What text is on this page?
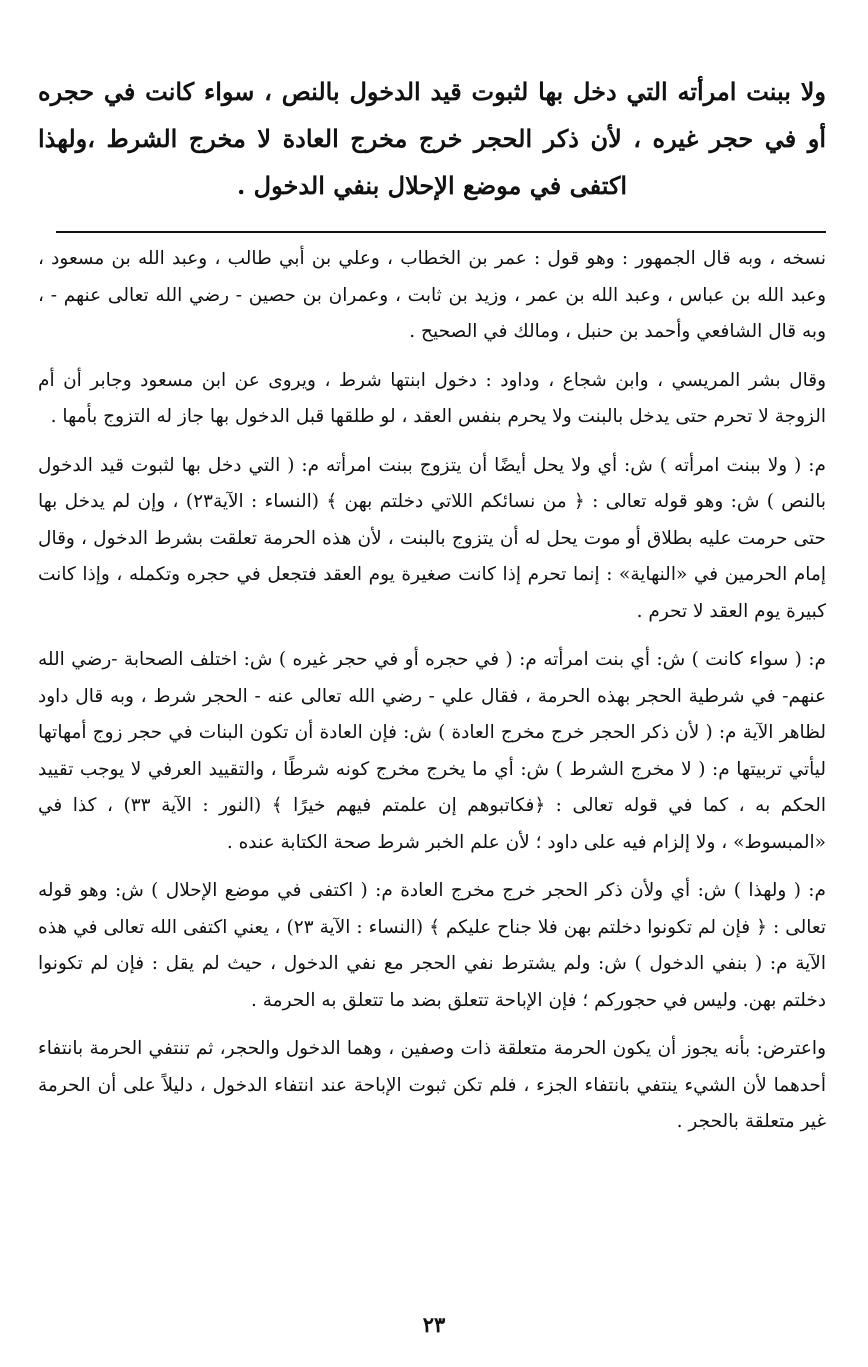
ولا ببنت امرأته التي دخل بها لثبوت قيد الدخول بالنص ، سواء كانت في حجره أو في حجر غيره ، لأن ذكر الحجر خرج مخرج العادة لا مخرج الشرط ،ولهذا اكتفى في موضع الإحلال بنفي الدخول .

نسخه ، وبه قال الجمهور : وهو قول : عمر بن الخطاب ، وعلي بن أبي طالب ، وعبد الله بن مسعود ، وعبد الله بن عباس ، وعبد الله بن عمر ، وزيد بن ثابت ، وعمران بن حصين - رضي الله تعالى عنهم - ، وبه قال الشافعي وأحمد بن حنبل ، ومالك في الصحيح .

وقال بشر المريسي ، وابن شجاع ، وداود : دخول ابنتها شرط ، ويروى عن ابن مسعود وجابر أن أم الزوجة لا تحرم حتى يدخل بالبنت ولا يحرم بنفس العقد ، لو طلقها قبل الدخول بها جاز له التزوج بأمها .

م: ( ولا ببنت امرأته ) ش: أي ولا يحل أيضًا أن يتزوج ببنت امرأته م: ( التي دخل بها لثبوت قيد الدخول بالنص ) ش: وهو قوله تعالى : ﴿ من نسائكم اللاتي دخلتم بهن ﴾ (النساء : الآية٢٣) ، وإن لم يدخل بها حتى حرمت عليه بطلاق أو موت يحل له أن يتزوج بالبنت ، لأن هذه الحرمة تعلقت بشرط الدخول ، وقال إمام الحرمين في «النهاية» : إنما تحرم إذا كانت صغيرة يوم العقد فتجعل في حجره وتكمله ، وإذا كانت كبيرة يوم العقد لا تحرم .

م: ( سواء كانت ) ش: أي بنت امرأته م: ( في حجره أو في حجر غيره ) ش: اختلف الصحابة -رضي الله عنهم- في شرطية الحجر بهذه الحرمة ، فقال علي - رضي الله تعالى عنه - الحجر شرط ، وبه قال داود لظاهر الآية م: ( لأن ذكر الحجر خرج مخرج العادة ) ش: فإن العادة أن تكون البنات في حجر زوج أمهاتها ليأتي تربيتها م: ( لا مخرج الشرط ) ش: أي ما يخرج مخرج كونه شرطًا ، والتقييد العرفي لا يوجب تقييد الحكم به ، كما في قوله تعالى : ﴿فكاتبوهم إن علمتم فيهم خيرًا ﴾ (النور : الآية ٣٣) ، كذا في «المبسوط» ، ولا إلزام فيه على داود ؛ لأن علم الخبر شرط صحة الكتابة عنده .

م: ( ولهذا ) ش: أي ولأن ذكر الحجر خرج مخرج العادة م: ( اكتفى في موضع الإحلال ) ش: وهو قوله تعالى : ﴿ فإن لم تكونوا دخلتم بهن فلا جناح عليكم ﴾ (النساء : الآية ٢٣) ، يعني اكتفى الله تعالى في هذه الآية م: ( بنفي الدخول ) ش: ولم يشترط نفي الحجر مع نفي الدخول ، حيث لم يقل : فإن لم تكونوا دخلتم بهن. وليس في حجوركم ؛ فإن الإباحة تتعلق بضد ما تتعلق به الحرمة .

واعترض: بأنه يجوز أن يكون الحرمة متعلقة ذات وصفين ، وهما الدخول والحجر، ثم تنتفي الحرمة بانتفاء أحدهما لأن الشيء ينتفي بانتفاء الجزء ، فلم تكن ثبوت الإباحة عند انتفاء الدخول ، دليلاً على أن الحرمة غير متعلقة بالحجر .

٢٣
